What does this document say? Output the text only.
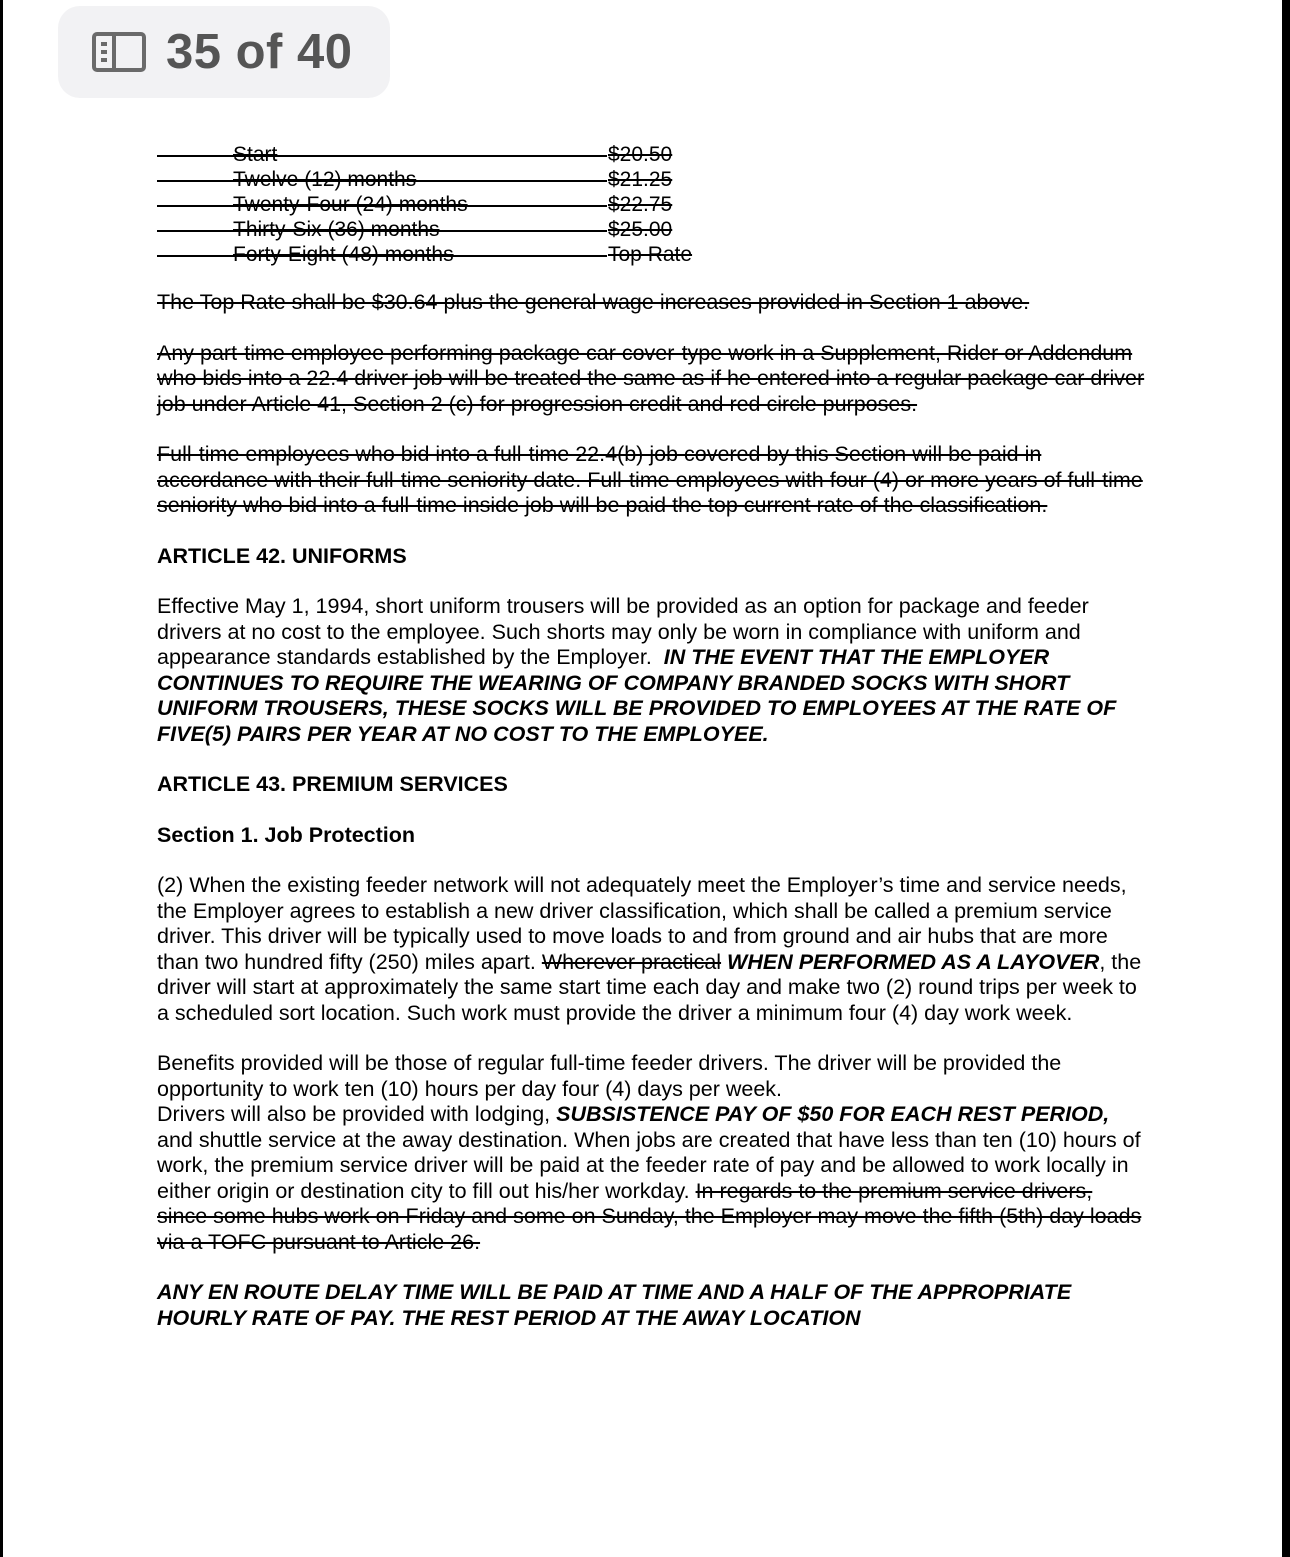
35 of 40
Start	$20.50
Twelve (12) months	$21.25
Twenty-Four (24) months	$22.75
Thirty-Six (36) months	$25.00
Forty-Eight (48) months	Top Rate

The Top Rate shall be $30.64 plus the general wage increases provided in Section 1 above.

Any part-time employee performing package car cover-type work in a Supplement, Rider or Addendum who bids into a 22.4 driver job will be treated the same as if he entered into a regular package car driver job under Article 41, Section 2 (c) for progression credit and red circle purposes.

Full-time employees who bid into a full-time 22.4(b) job covered by this Section will be paid in accordance with their full-time seniority date. Full-time employees with four (4) or more years of full-time seniority who bid into a full-time inside job will be paid the top current rate of the classification.

ARTICLE 42. UNIFORMS

Effective May 1, 1994, short uniform trousers will be provided as an option for package and feeder drivers at no cost to the employee. Such shorts may only be worn in compliance with uniform and appearance standards established by the Employer. IN THE EVENT THAT THE EMPLOYER CONTINUES TO REQUIRE THE WEARING OF COMPANY BRANDED SOCKS WITH SHORT UNIFORM TROUSERS, THESE SOCKS WILL BE PROVIDED TO EMPLOYEES AT THE RATE OF FIVE(5) PAIRS PER YEAR AT NO COST TO THE EMPLOYEE.

ARTICLE 43. PREMIUM SERVICES

Section 1. Job Protection

(2) When the existing feeder network will not adequately meet the Employer’s time and service needs, the Employer agrees to establish a new driver classification, which shall be called a premium service driver. This driver will be typically used to move loads to and from ground and air hubs that are more than two hundred fifty (250) miles apart. Wherever practical WHEN PERFORMED AS A LAYOVER, the driver will start at approximately the same start time each day and make two (2) round trips per week to a scheduled sort location. Such work must provide the driver a minimum four (4) day work week.

Benefits provided will be those of regular full-time feeder drivers. The driver will be provided the opportunity to work ten (10) hours per day four (4) days per week.

Drivers will also be provided with lodging, SUBSISTENCE PAY OF $50 FOR EACH REST PERIOD, and shuttle service at the away destination. When jobs are created that have less than ten (10) hours of work, the premium service driver will be paid at the feeder rate of pay and be allowed to work locally in either origin or destination city to fill out his/her workday. In regards to the premium service drivers, since some hubs work on Friday and some on Sunday, the Employer may move the fifth (5th) day loads via a TOFC pursuant to Article 26.

ANY EN ROUTE DELAY TIME WILL BE PAID AT TIME AND A HALF OF THE APPROPRIATE HOURLY RATE OF PAY. THE REST PERIOD AT THE AWAY LOCATION
